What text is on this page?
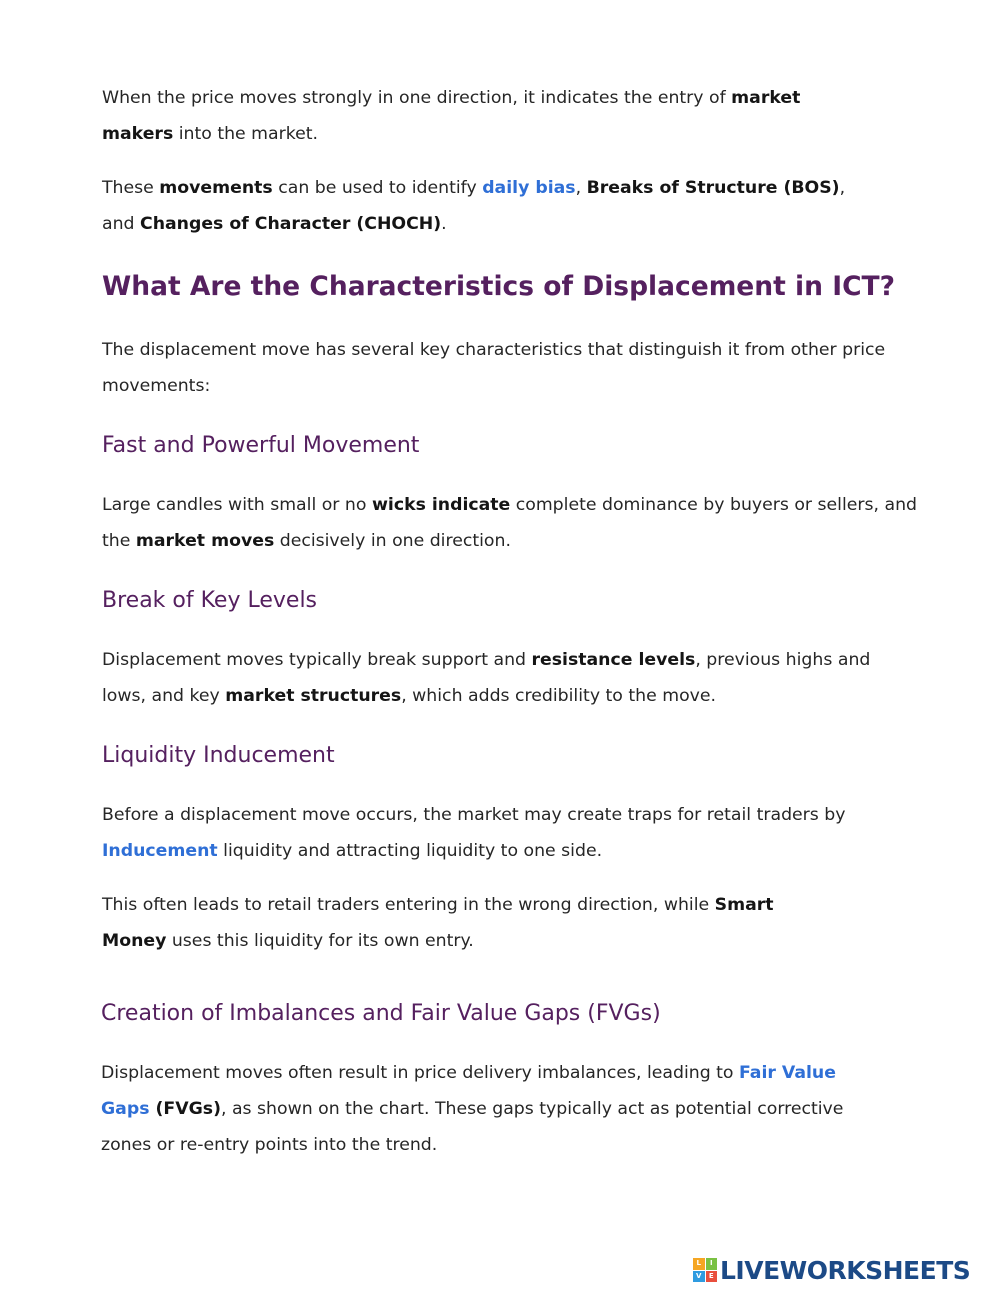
When the price moves strongly in one direction, it indicates the entry of market makers into the market.

These movements can be used to identify daily bias, Breaks of Structure (BOS), and Changes of Character (CHOCH).

What Are the Characteristics of Displacement in ICT?

The displacement move has several key characteristics that distinguish it from other price movements:

Fast and Powerful Movement

Large candles with small or no wicks indicate complete dominance by buyers or sellers, and the market moves decisively in one direction.

Break of Key Levels

Displacement moves typically break support and resistance levels, previous highs and lows, and key market structures, which adds credibility to the move.

Liquidity Inducement

Before a displacement move occurs, the market may create traps for retail traders by Inducement liquidity and attracting liquidity to one side.

This often leads to retail traders entering in the wrong direction, while Smart Money uses this liquidity for its own entry.

Creation of Imbalances and Fair Value Gaps (FVGs)

Displacement moves often result in price delivery imbalances, leading to Fair Value Gaps (FVGs), as shown on the chart. These gaps typically act as potential corrective zones or re-entry points into the trend.

L	I
V	E LIVEWORKSHEETS
